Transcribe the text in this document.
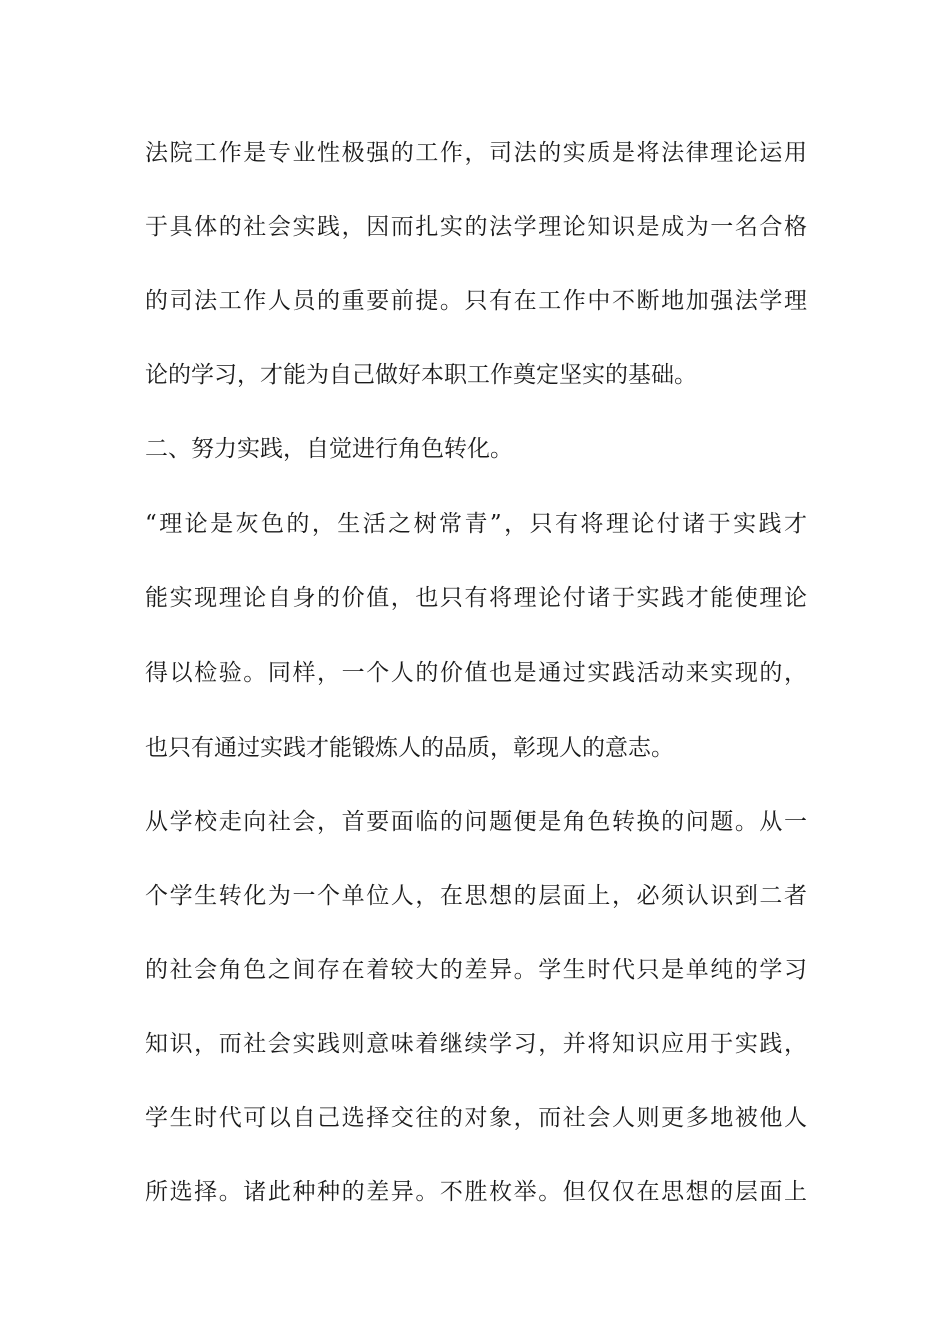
法院工作是专业性极强的工作，司法的实质是将法律理论运用
于具体的社会实践，因而扎实的法学理论知识是成为一名合格
的司法工作人员的重要前提。只有在工作中不断地加强法学理
论的学习，才能为自己做好本职工作奠定坚实的基础。
二、努力实践，自觉进行角色转化。
“理论是灰色的，生活之树常青”，只有将理论付诸于实践才
能实现理论自身的价值，也只有将理论付诸于实践才能使理论
得以检验。同样，一个人的价值也是通过实践活动来实现的，
也只有通过实践才能锻炼人的品质，彰现人的意志。
从学校走向社会，首要面临的问题便是角色转换的问题。从一
个学生转化为一个单位人，在思想的层面上，必须认识到二者
的社会角色之间存在着较大的差异。学生时代只是单纯的学习
知识，而社会实践则意味着继续学习，并将知识应用于实践，
学生时代可以自己选择交往的对象，而社会人则更多地被他人
所选择。诸此种种的差异。不胜枚举。但仅仅在思想的层面上
